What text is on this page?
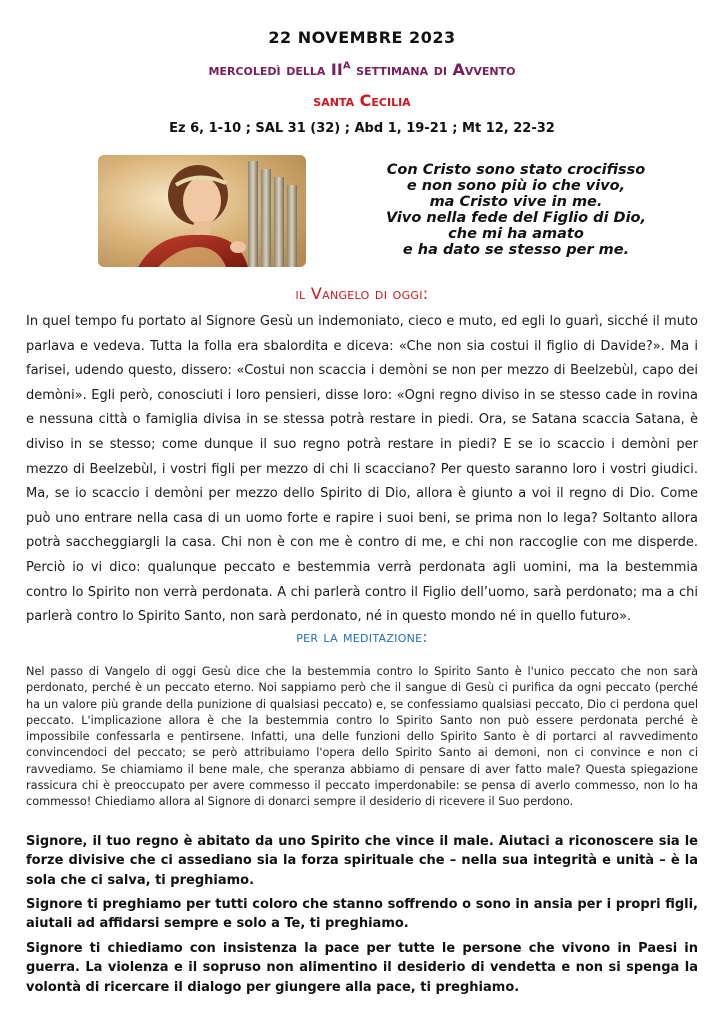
22 NOVEMBRE 2023
mercoledì della $II^A$ settimana di Avvento
santa Cecilia
Ez 6, 1-10 ; SAL 31 (32) ; Abd 1, 19-21 ; Mt 12, 22-32
Con Cristo sono stato crocifisso
e non sono più io che vivo,
ma Cristo vive in me.
Vivo nella fede del Figlio di Dio,
che mi ha amato
e ha dato se stesso per me.
il Vangelo di oggi:
In quel tempo fu portato al Signore Gesù un indemoniato, cieco e muto, ed egli lo guarì, sicché il muto parlava e vedeva. Tutta la folla era sbalordita e diceva: «Che non sia costui il figlio di Davide?». Ma i farisei, udendo questo, dissero: «Costui non scaccia i demòni se non per mezzo di Beelzebùl, capo dei demòni». Egli però, conosciuti i loro pensieri, disse loro: «Ogni regno diviso in se stesso cade in rovina e nessuna città o famiglia divisa in se stessa potrà restare in piedi. Ora, se Satana scaccia Satana, è diviso in se stesso; come dunque il suo regno potrà restare in piedi? E se io scaccio i demòni per mezzo di Beelzebùl, i vostri figli per mezzo di chi li scacciano? Per questo saranno loro i vostri giudici. Ma, se io scaccio i demòni per mezzo dello Spirito di Dio, allora è giunto a voi il regno di Dio. Come può uno entrare nella casa di un uomo forte e rapire i suoi beni, se prima non lo lega? Soltanto allora potrà saccheggiargli la casa. Chi non è con me è contro di me, e chi non raccoglie con me disperde. Perciò io vi dico: qualunque peccato e bestemmia verrà perdonata agli uomini, ma la bestemmia contro lo Spirito non verrà perdonata. A chi parlerà contro il Figlio dell’uomo, sarà perdonato; ma a chi parlerà contro lo Spirito Santo, non sarà perdonato, né in questo mondo né in quello futuro».
per la meditazione:
Nel passo di Vangelo di oggi Gesù dice che la bestemmia contro lo Spirito Santo è l'unico peccato che non sarà perdonato, perché è un peccato eterno. Noi sappiamo però che il sangue di Gesù ci purifica da ogni peccato (perché ha un valore più grande della punizione di qualsiasi peccato) e, se confessiamo qualsiasi peccato, Dio ci perdona quel peccato. L'implicazione allora è che la bestemmia contro lo Spirito Santo non può essere perdonata perché è impossibile confessarla e pentirsene. Infatti, una delle funzioni dello Spirito Santo è di portarci al ravvedimento convincendoci del peccato; se però attribuiamo l'opera dello Spirito Santo ai demoni, non ci convince e non ci ravvediamo. Se chiamiamo il bene male, che speranza abbiamo di pensare di aver fatto male? Questa spiegazione rassicura chi è preoccupato per avere commesso il peccato imperdonabile: se pensa di averlo commesso, non lo ha commesso! Chiediamo allora al Signore di donarci sempre il desiderio di ricevere il Suo perdono.
Signore, il tuo regno è abitato da uno Spirito che vince il male. Aiutaci a riconoscere sia le forze divisive che ci assediano sia la forza spirituale che – nella sua integrità e unità – è la sola che ci salva, ti preghiamo.
Signore ti preghiamo per tutti coloro che stanno soffrendo o sono in ansia per i propri figli, aiutali ad affidarsi sempre e solo a Te, ti preghiamo.
Signore ti chiediamo con insistenza la pace per tutte le persone che vivono in Paesi in guerra. La violenza e il sopruso non alimentino il desiderio di vendetta e non si spenga la volontà di ricercare il dialogo per giungere alla pace, ti preghiamo.
